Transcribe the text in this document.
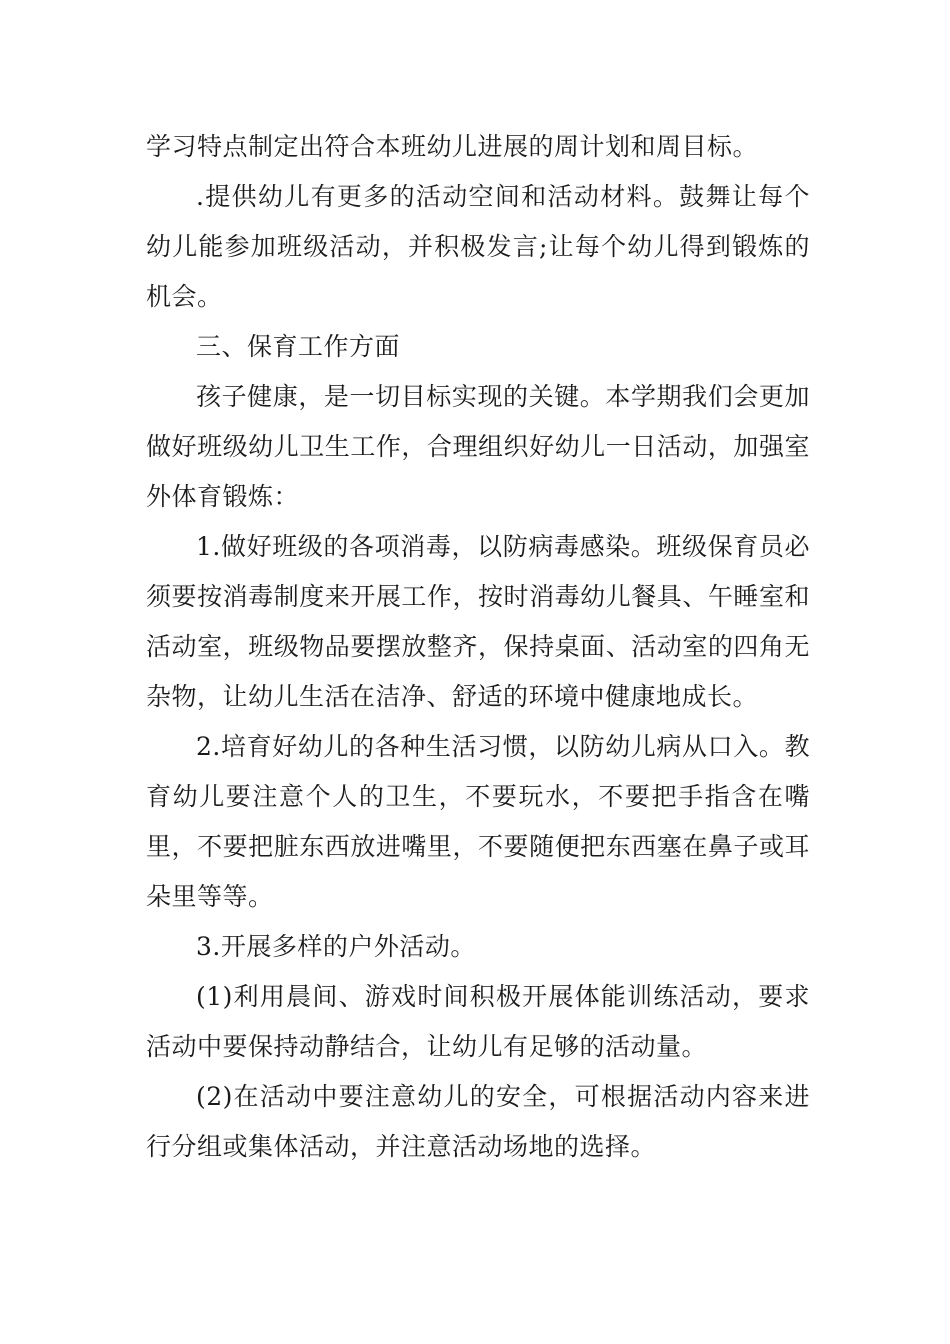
学习特点制定出符合本班幼儿进展的周计划和周目标。

.提供幼儿有更多的活动空间和活动材料。鼓舞让每个幼儿能参加班级活动，并积极发言;让每个幼儿得到锻炼的机会。

三、保育工作方面

孩子健康，是一切目标实现的关键。本学期我们会更加做好班级幼儿卫生工作，合理组织好幼儿一日活动，加强室外体育锻炼：

1.做好班级的各项消毒，以防病毒感染。班级保育员必须要按消毒制度来开展工作，按时消毒幼儿餐具、午睡室和活动室，班级物品要摆放整齐，保持桌面、活动室的四角无杂物，让幼儿生活在洁净、舒适的环境中健康地成长。

2.培育好幼儿的各种生活习惯，以防幼儿病从口入。教育幼儿要注意个人的卫生，不要玩水，不要把手指含在嘴里，不要把脏东西放进嘴里，不要随便把东西塞在鼻子或耳朵里等等。

3.开展多样的户外活动。

(1)利用晨间、游戏时间积极开展体能训练活动，要求活动中要保持动静结合，让幼儿有足够的活动量。

(2)在活动中要注意幼儿的安全，可根据活动内容来进行分组或集体活动，并注意活动场地的选择。
